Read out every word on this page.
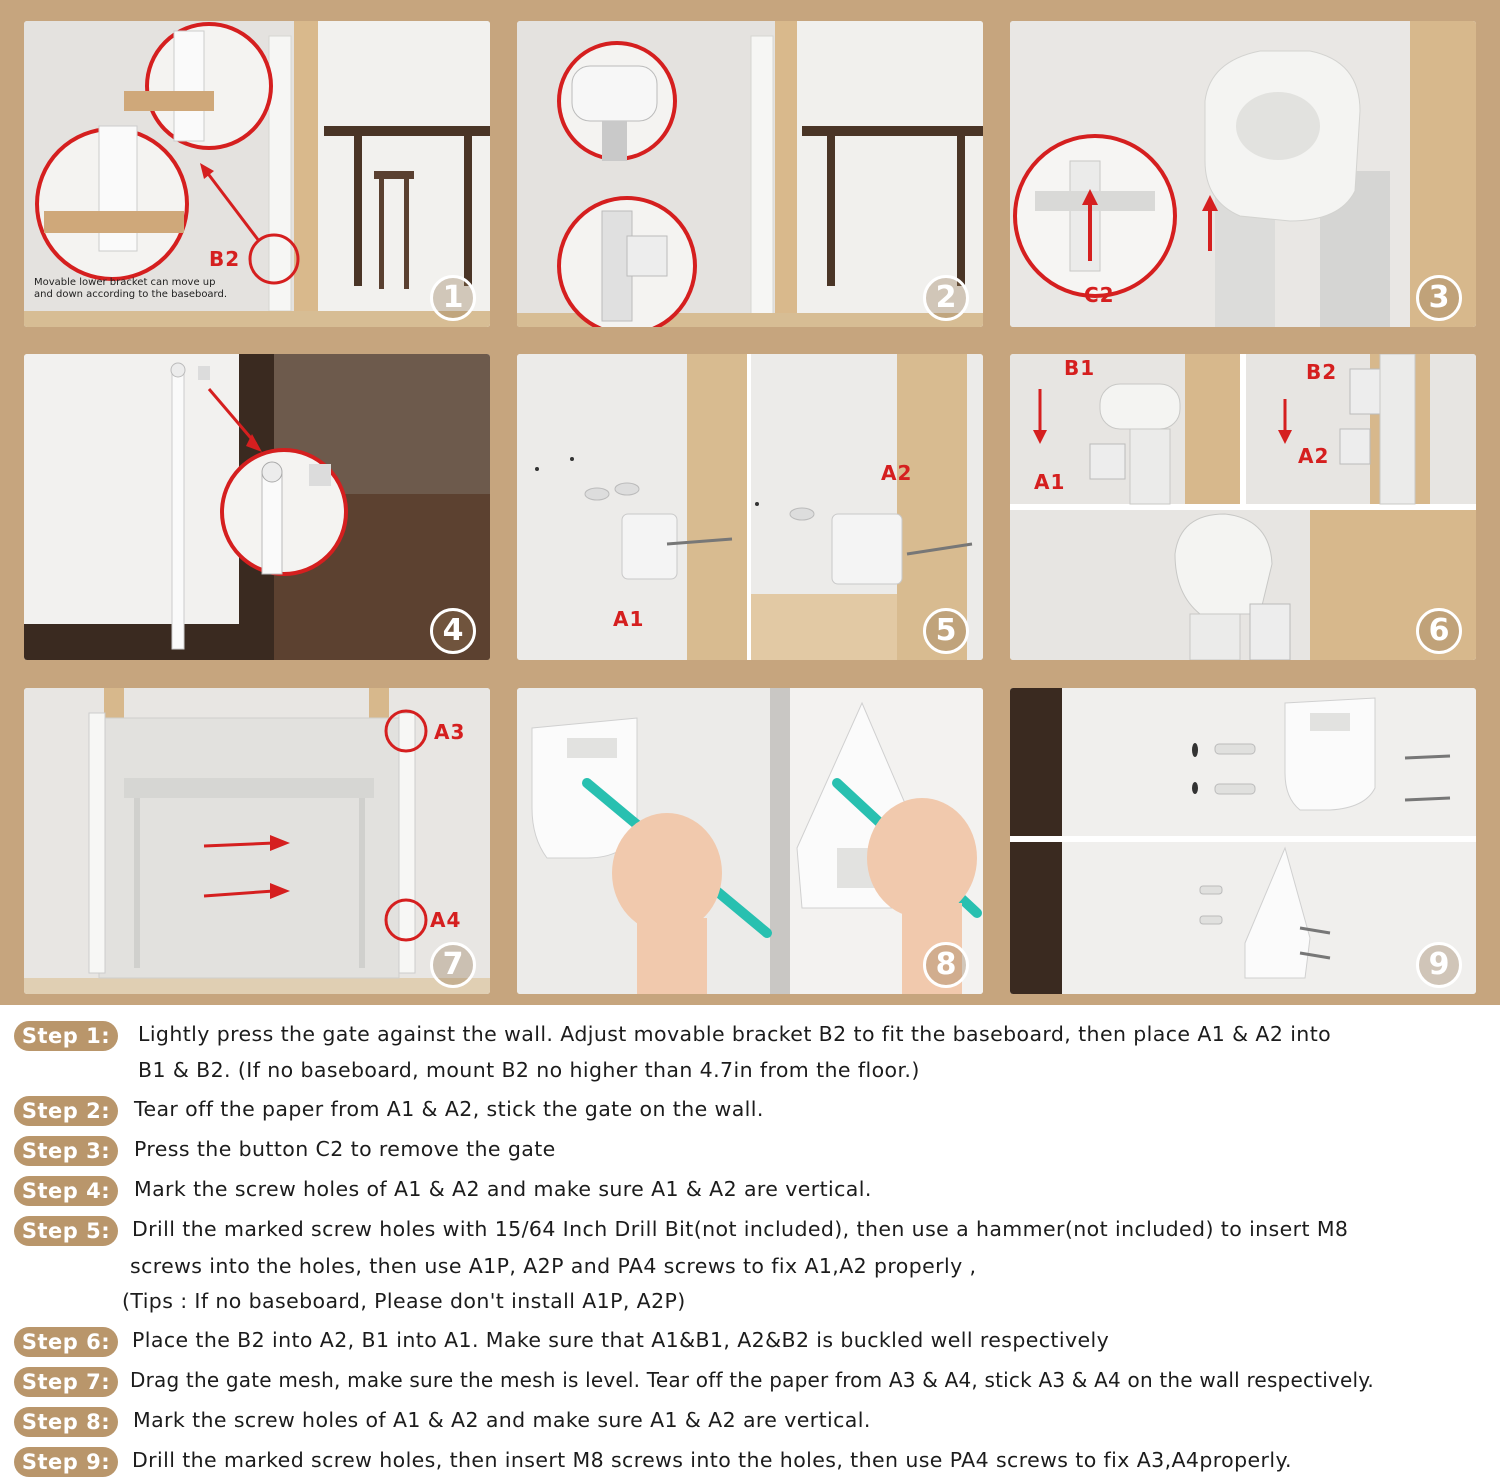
B2
Movable lower bracket can move up
and down according to the baseboard.	1	2	C2	3
4	A1
A2
5
B1
A1
B2
A2
6
A3
A4
7	8	9
Step 1:	Lightly press the gate against the wall. Adjust movable bracket B2 to fit the baseboard, then place A1 & A2 into
B1 & B2. (If no baseboard, mount B2 no higher than 4.7in from the floor.)
Step 2:	Tear off the paper from A1 & A2, stick the gate on the wall.
Step 3:	Press the button C2 to remove the gate
Step 4:	Mark the screw holes of A1 & A2 and make sure A1 & A2 are vertical.
Step 5:	Drill the marked screw holes with 15/64 Inch Drill Bit(not included), then use a hammer(not included) to insert M8
screws into the holes, then use A1P, A2P and PA4 screws to fix A1,A2 properly ,
(Tips : If no baseboard, Please don't install A1P, A2P)
Step 6:	Place the B2 into A2, B1 into A1. Make sure that A1&B1, A2&B2 is buckled well respectively
Step 7: Drag the gate mesh, make sure the mesh is level. Tear off the paper from A3 & A4, stick A3 & A4 on the wall respectively.
Step 8:	Mark the screw holes of A1 & A2 and make sure A1 & A2 are vertical.
Step 9:	Drill the marked screw holes, then insert M8 screws into the holes, then use PA4 screws to fix A3,A4properly.
